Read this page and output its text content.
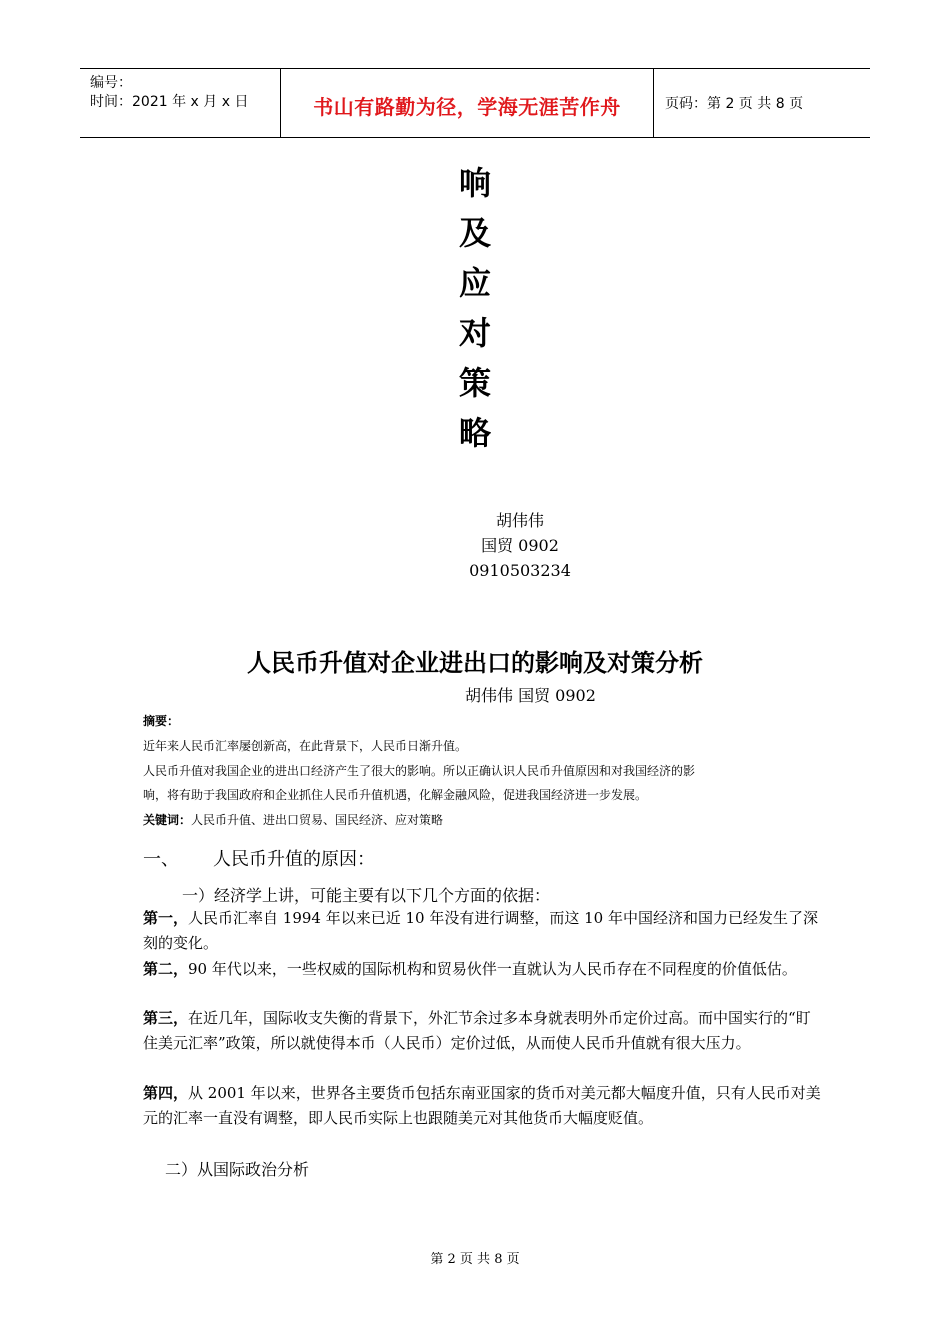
编号：
时间：2021 年 x 月 x 日	书山有路勤为径，学海无涯苦作舟	页码：第 2 页 共 8 页
响
及
应
对
策
略
胡伟伟
国贸 0902
0910503234
人民币升值对企业进出口的影响及对策分析
胡伟伟 国贸 0902
摘要：
近年来人民币汇率屡创新高，在此背景下，人民币日渐升值。
人民币升值对我国企业的进出口经济产生了很大的影响。所以正确认识人民币升值原因和对我国经济的影
响，将有助于我国政府和企业抓住人民币升值机遇，化解金融风险，促进我国经济进一步发展。
关键词：人民币升值、进出口贸易、国民经济、应对策略
一、 人民币升值的原因：
一）经济学上讲，可能主要有以下几个方面的依据：
第一，人民币汇率自 1994 年以来已近 10 年没有进行调整，而这 10 年中国经济和国力已经发生了深刻的变化。
第二，90 年代以来，一些权威的国际机构和贸易伙伴一直就认为人民币存在不同程度的价值低估。
第三，在近几年，国际收支失衡的背景下，外汇节余过多本身就表明外币定价过高。而中国实行的“盯住美元汇率”政策，所以就使得本币（人民币）定价过低，从而使人民币升值就有很大压力。
第四，从 2001 年以来，世界各主要货币包括东南亚国家的货币对美元都大幅度升值，只有人民币对美元的汇率一直没有调整，即人民币实际上也跟随美元对其他货币大幅度贬值。
二）从国际政治分析
第 2 页 共 8 页
